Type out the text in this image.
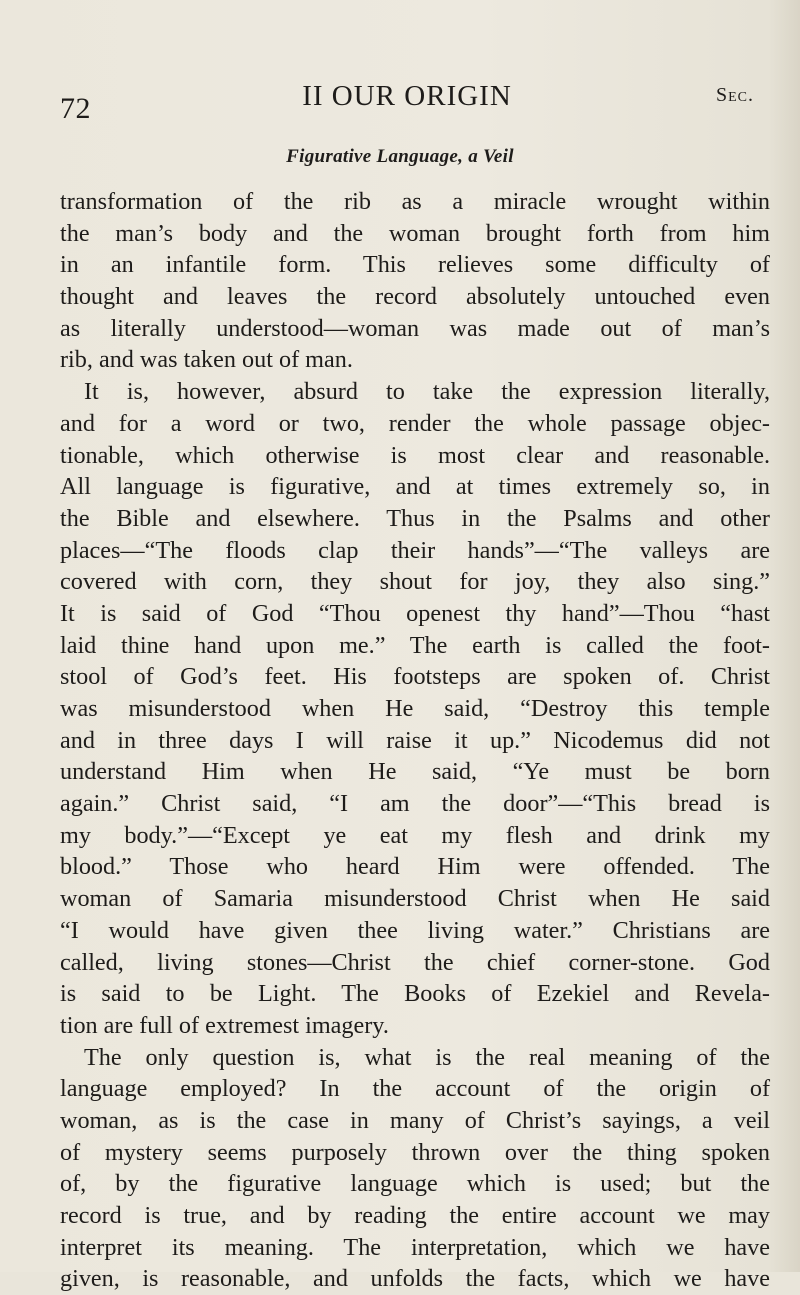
72	II OUR ORIGIN	Sec.
Figurative Language, a Veil
transformation of the rib as a miracle wrought within
the man’s body and the woman brought forth from him
in an infantile form. This relieves some difficulty of
thought and leaves the record absolutely untouched even
as literally understood—woman was made out of man’s
rib, and was taken out of man.
It is, however, absurd to take the expression literally,
and for a word or two, render the whole passage objec-
tionable, which otherwise is most clear and reasonable.
All language is figurative, and at times extremely so, in
the Bible and elsewhere. Thus in the Psalms and other
places—“The floods clap their hands”—“The valleys are
covered with corn, they shout for joy, they also sing.”
It is said of God “Thou openest thy hand”—Thou “hast
laid thine hand upon me.” The earth is called the foot-
stool of God’s feet. His footsteps are spoken of. Christ
was misunderstood when He said, “Destroy this temple
and in three days I will raise it up.” Nicodemus did not
understand Him when He said, “Ye must be born
again.” Christ said, “I am the door”—“This bread is
my body.”—“Except ye eat my flesh and drink my
blood.” Those who heard Him were offended. The
woman of Samaria misunderstood Christ when He said
“I would have given thee living water.” Christians are
called, living stones—Christ the chief corner-stone. God
is said to be Light. The Books of Ezekiel and Revela-
tion are full of extremest imagery.
The only question is, what is the real meaning of the
language employed? In the account of the origin of
woman, as is the case in many of Christ’s sayings, a veil
of mystery seems purposely thrown over the thing spoken
of, by the figurative language which is used; but the
record is true, and by reading the entire account we may
interpret its meaning. The interpretation, which we have
given, is reasonable, and unfolds the facts, which we have
